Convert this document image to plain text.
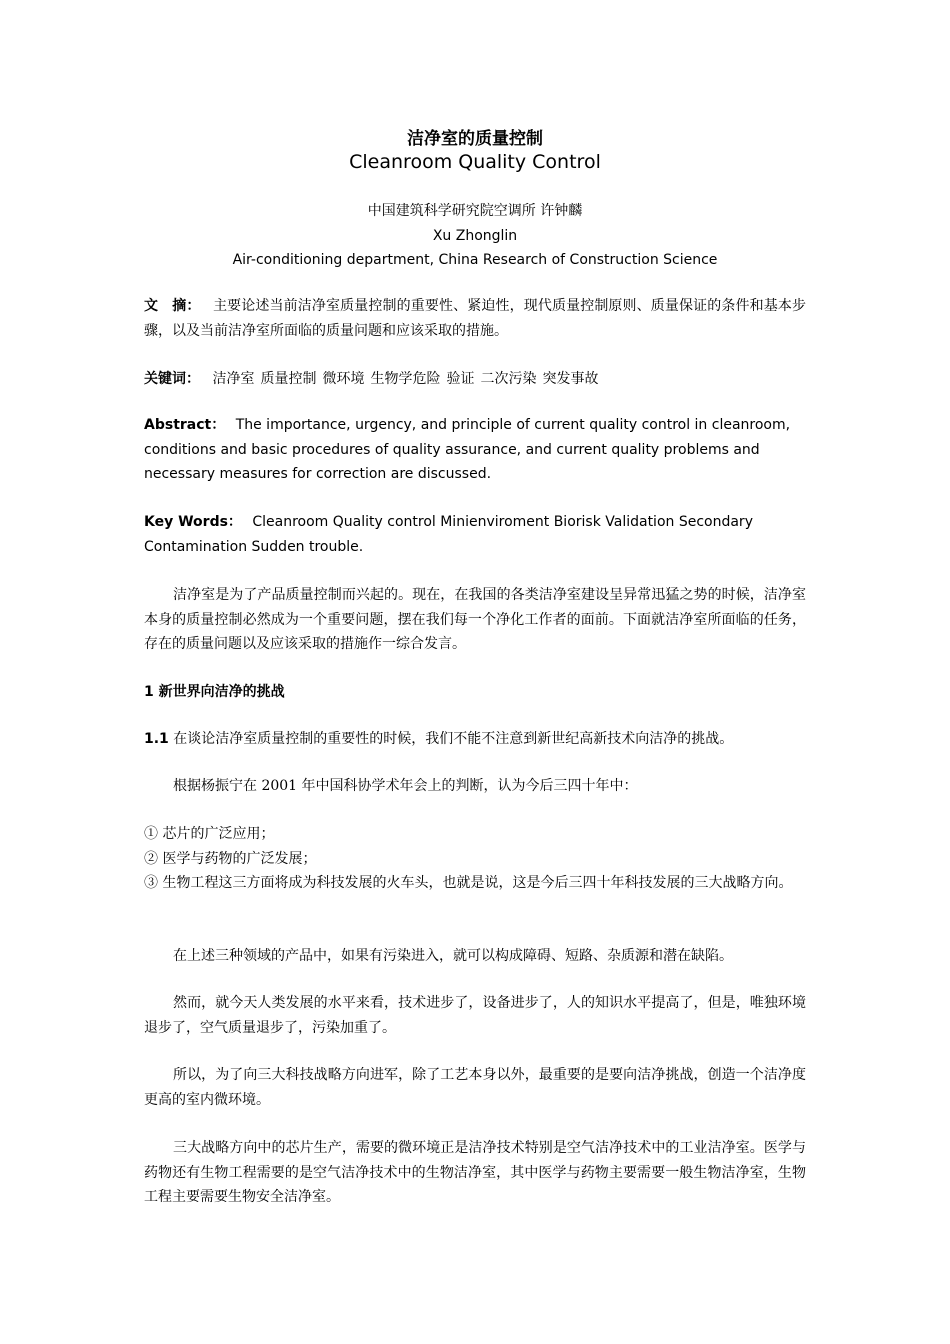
洁净室的质量控制
Cleanroom Quality Control
中国建筑科学研究院空调所 许钟麟
Xu Zhonglin
Air-conditioning department, China Research of Construction Science
文　摘： 主要论述当前洁净室质量控制的重要性、紧迫性，现代质量控制原则、质量保证的条件和基本步骤，以及当前洁净室所面临的质量问题和应该采取的措施。
关键词： 洁净室 质量控制 微环境 生物学危险 验证 二次污染 突发事故
Abstract： The importance, urgency, and principle of current quality control in cleanroom, conditions and basic procedures of quality assurance, and current quality problems and necessary measures for correction are discussed.
Key Words： Cleanroom Quality control Minienviroment Biorisk Validation Secondary Contamination Sudden trouble.
洁净室是为了产品质量控制而兴起的。现在，在我国的各类洁净室建设呈异常迅猛之势的时候，洁净室本身的质量控制必然成为一个重要问题，摆在我们每一个净化工作者的面前。下面就洁净室所面临的任务，存在的质量问题以及应该采取的措施作一综合发言。
1 新世界向洁净的挑战
1.1 在谈论洁净室质量控制的重要性的时候，我们不能不注意到新世纪高新技术向洁净的挑战。
根据杨振宁在 2001 年中国科协学术年会上的判断，认为今后三四十年中：
① 芯片的广泛应用；
② 医学与药物的广泛发展；
③ 生物工程这三方面将成为科技发展的火车头，也就是说，这是今后三四十年科技发展的三大战略方向。
在上述三种领域的产品中，如果有污染进入，就可以构成障碍、短路、杂质源和潜在缺陷。
然而，就今天人类发展的水平来看，技术进步了，设备进步了，人的知识水平提高了，但是，唯独环境退步了，空气质量退步了，污染加重了。
所以，为了向三大科技战略方向进军，除了工艺本身以外，最重要的是要向洁净挑战，创造一个洁净度更高的室内微环境。
三大战略方向中的芯片生产，需要的微环境正是洁净技术特别是空气洁净技术中的工业洁净室。医学与药物还有生物工程需要的是空气洁净技术中的生物洁净室，其中医学与药物主要需要一般生物洁净室，生物工程主要需要生物安全洁净室。
